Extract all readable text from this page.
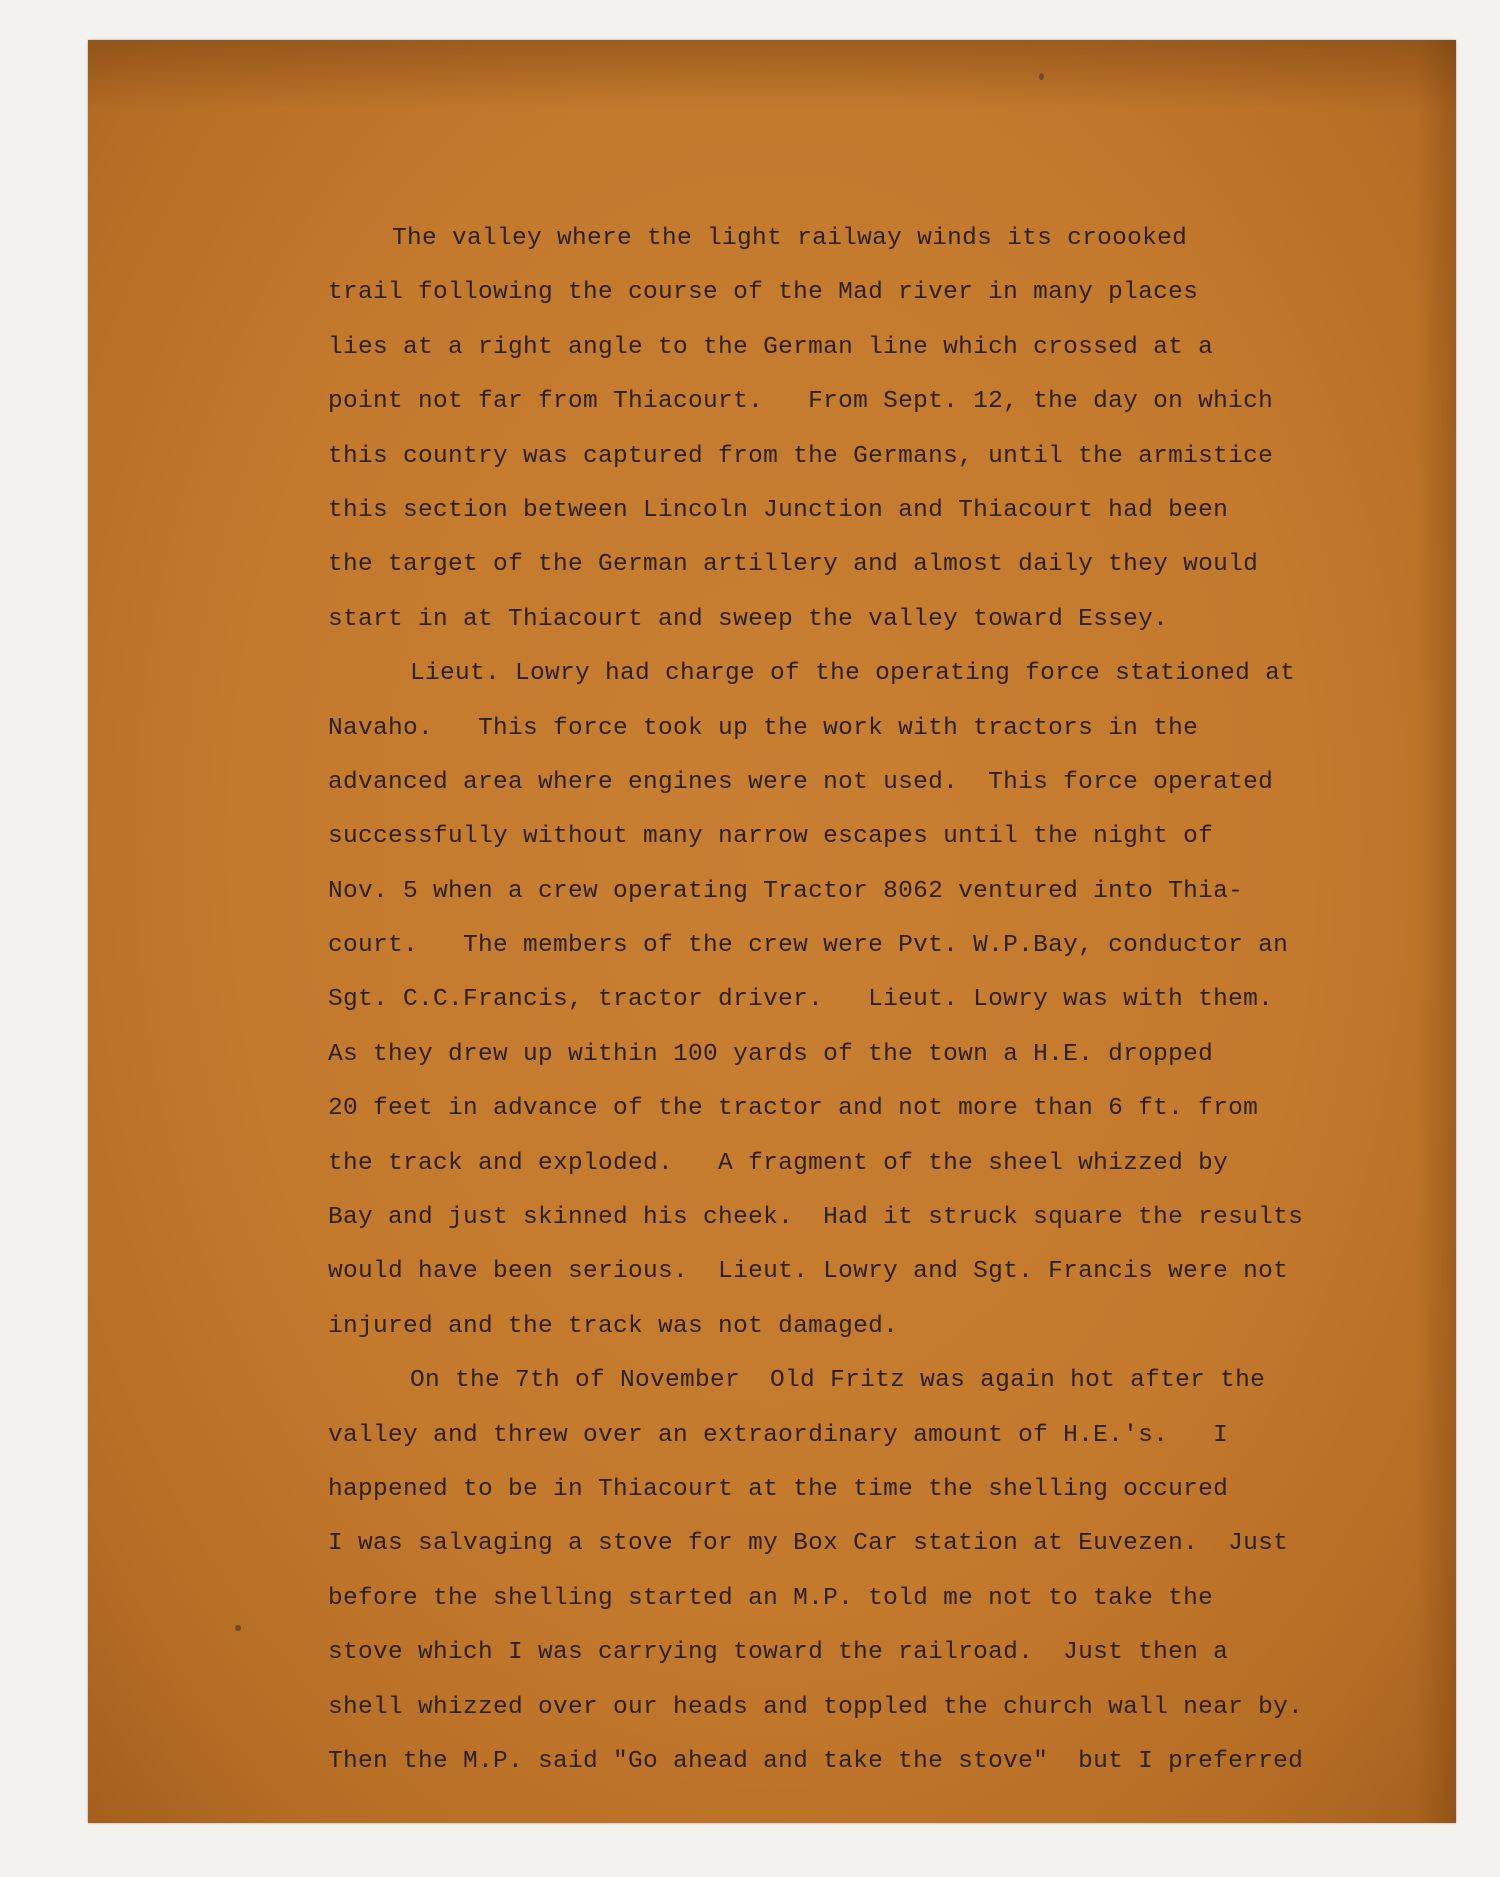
The valley where the light railway winds its croooked
trail following the course of the Mad river in many places
lies at a right angle to the German line which crossed at a
point not far from Thiacourt.   From Sept. 12, the day on which
this country was captured from the Germans, until the armistice
this section between Lincoln Junction and Thiacourt had been
the target of the German artillery and almost daily they would
start in at Thiacourt and sweep the valley toward Essey.
Lieut. Lowry had charge of the operating force stationed at
Navaho.   This force took up the work with tractors in the
advanced area where engines were not used.  This force operated
successfully without many narrow escapes until the night of
Nov. 5 when a crew operating Tractor 8062 ventured into Thia-
court.   The members of the crew were Pvt. W.P.Bay, conductor an
Sgt. C.C.Francis, tractor driver.   Lieut. Lowry was with them.
As they drew up within 100 yards of the town a H.E. dropped
20 feet in advance of the tractor and not more than 6 ft. from
the track and exploded.   A fragment of the sheel whizzed by
Bay and just skinned his cheek.  Had it struck square the results
would have been serious.  Lieut. Lowry and Sgt. Francis were not
injured and the track was not damaged.
On the 7th of November  Old Fritz was again hot after the
valley and threw over an extraordinary amount of H.E.'s.   I
happened to be in Thiacourt at the time the shelling occured
I was salvaging a stove for my Box Car station at Euvezen.  Just
before the shelling started an M.P. told me not to take the
stove which I was carrying toward the railroad.  Just then a
shell whizzed over our heads and toppled the church wall near by.
Then the M.P. said "Go ahead and take the stove"  but I preferred
